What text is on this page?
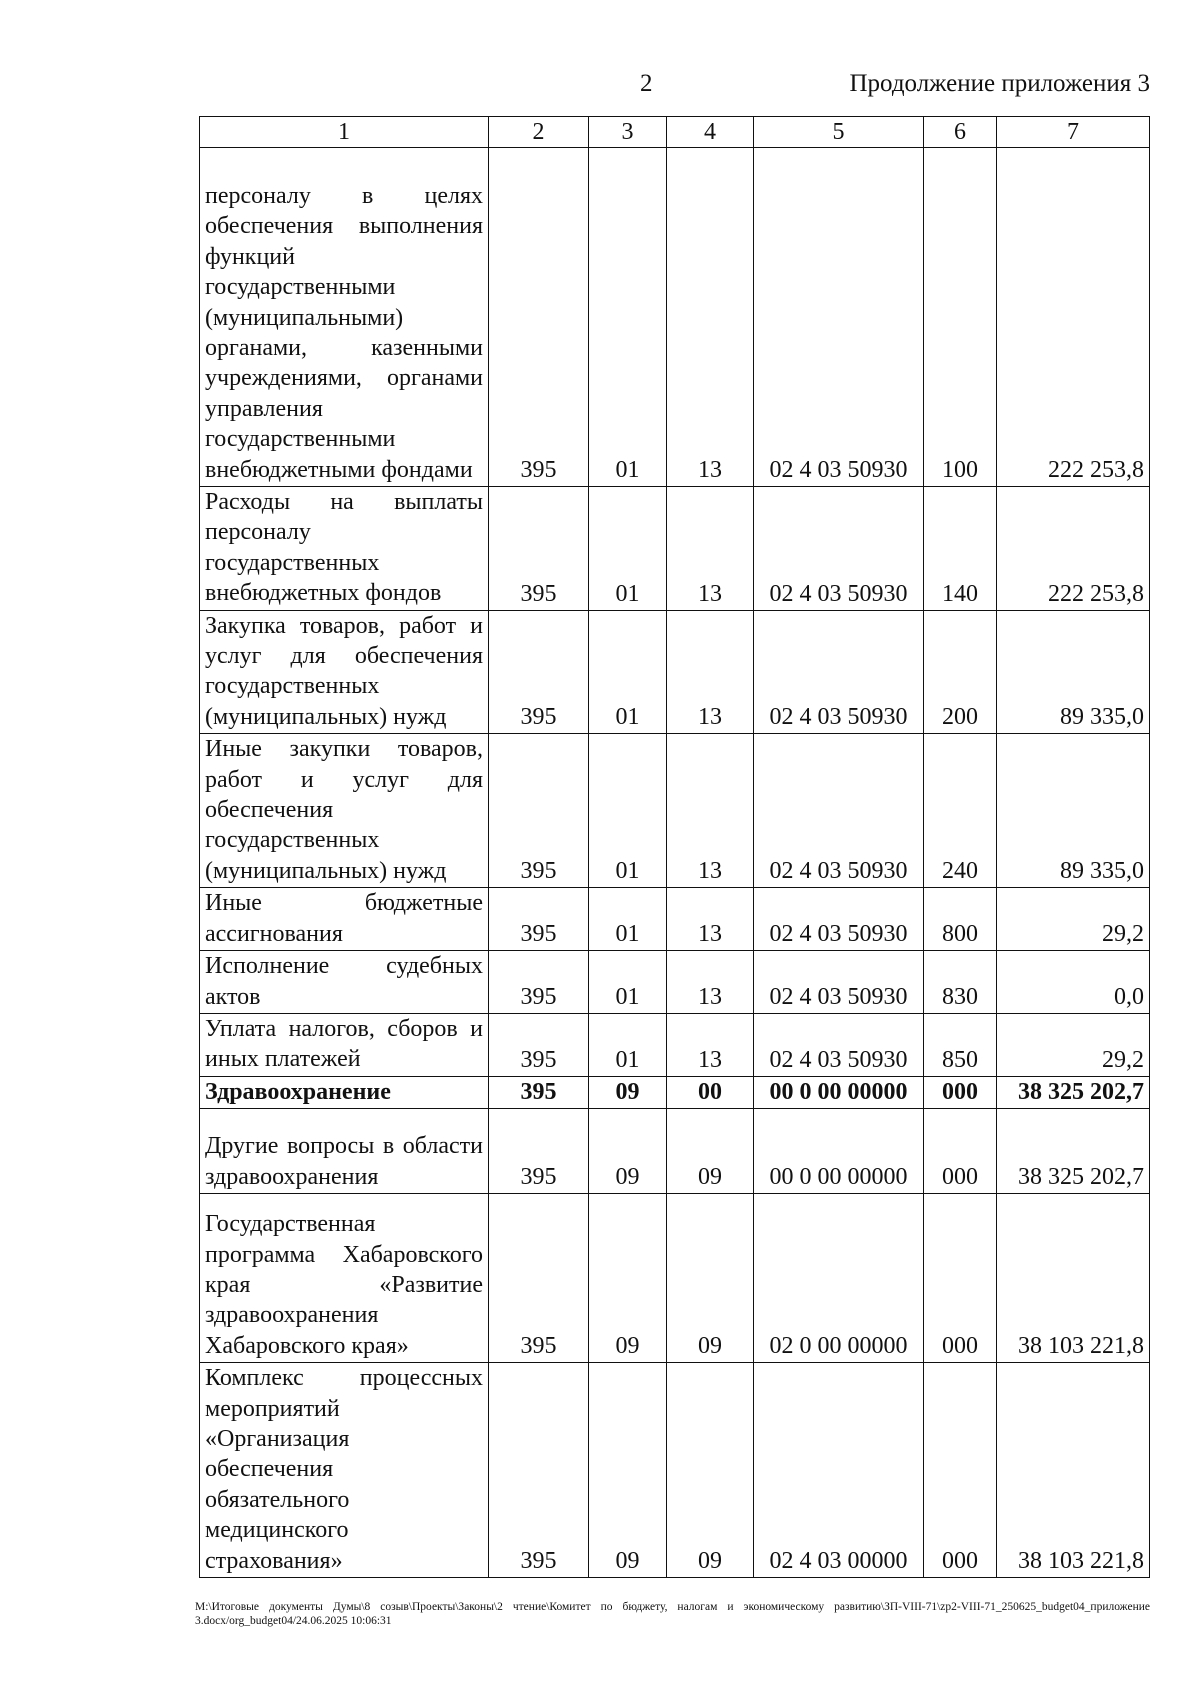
2	Продолжение приложения 3
1	2	3	4	5	6	7
персоналу в целях обеспечения выполнения функций государственными (муниципальными) органами, казенными учреждениями, органами управления государственными внебюджетными фондами	395	01	13	02 4 03 50930	100	222 253,8
Расходы на выплаты персоналу государственных внебюджетных фондов	395	01	13	02 4 03 50930	140	222 253,8
Закупка товаров, работ и услуг для обеспечения государственных (муниципальных) нужд	395	01	13	02 4 03 50930	200	89 335,0
Иные закупки товаров, работ и услуг для обеспечения государственных (муниципальных) нужд	395	01	13	02 4 03 50930	240	89 335,0
Иные бюджетные ассигнования	395	01	13	02 4 03 50930	800	29,2
Исполнение судебных актов	395	01	13	02 4 03 50930	830	0,0
Уплата налогов, сборов и иных платежей	395	01	13	02 4 03 50930	850	29,2
Здравоохранение	395	09	00	00 0 00 00000	000	38 325 202,7
Другие вопросы в области здравоохранения	395	09	09	00 0 00 00000	000	38 325 202,7
Государственная программа Хабаровского края «Развитие здравоохранения Хабаровского края»	395	09	09	02 0 00 00000	000	38 103 221,8
Комплекс процессных мероприятий «Организация обеспечения обязательного медицинского страхования»	395	09	09	02 4 03 00000	000	38 103 221,8
M:\Итоговые документы Думы\8 созыв\Проекты\Законы\2 чтение\Комитет по бюджету, налогам и экономическому развитию\ЗП-VIII-71\zp2-VIII-71_250625_budget04_приложение 3.docx/org_budget04/24.06.2025 10:06:31
